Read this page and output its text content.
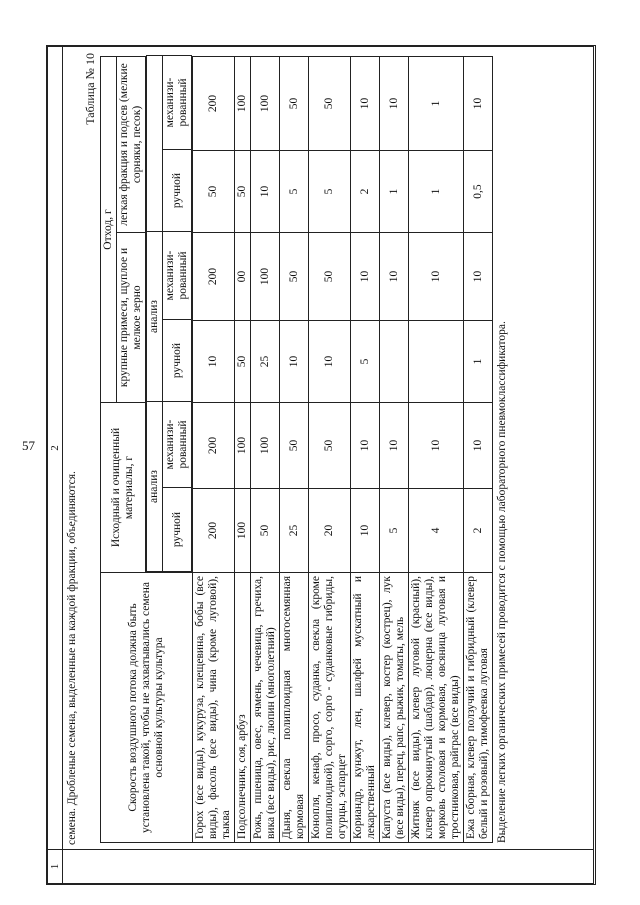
57
1	2

семена. Дробленые семена, выделенные на каждой фракции, объединяются.
Таблица № 10
Скорость воздушного потока должна быть установлена такой, чтобы не захватывались семена основной культуры культура	Исходный и очищенный материалы, г	Отход, г
крупные примеси, щуплое и мелкое зерно	легкая фракция и подсев (мелкие сорняки, песок)

анализ	анализ	
ручной	механизи-рованный	ручной	механизи-рованный	ручной	механизи-рованный

Горох (все виды), кукуруза, клещевина, бобы (все виды), фасоль (все виды), чина (кроме луговой), тыква	200	200	10	200	50	200
Подсолнечник, соя, арбуз	100	100	50	00	50	100
Рожь, пшеница, овес, ячмень, чечевица, гречиха, вика (все виды), рис, люпин (многолетний)	50	100	25	100	10	100
Дыня, свекла полиплоидная многосемянная кормовая	25	50	10	50	5	50
Конопля, кенаф, просо, суданка, свекла (кроме полиплоидной), сорго, сорго - суданковые гибриды, огурцы, эспарцет	20	50	10	50	5	50
Кориандр, кунжут, лен, шалфей мускатный и лекарственный	10	10	5	10	2	10
Капуста (все виды), клевер, костер (кострец), лук (все виды), перец, рапс, рыжик, томаты, мель	5	10		10	1	10
Житняк (все виды), клевер луговой (красный), клевер опрокинутый (шабдар), люцерна (все виды), морковь столовая и кормовая, овсяница луговая и тростниковая, райграс (все виды)	4	10		10	1	1
Ежа сборная, клевер ползучий и гибридный (клевер белый и розовый), тимофеевка луговая	2	10	1	10	0,5	10
Выделение легких органических примесей проводится с помощью лабораторного пневмоклассификатора.
